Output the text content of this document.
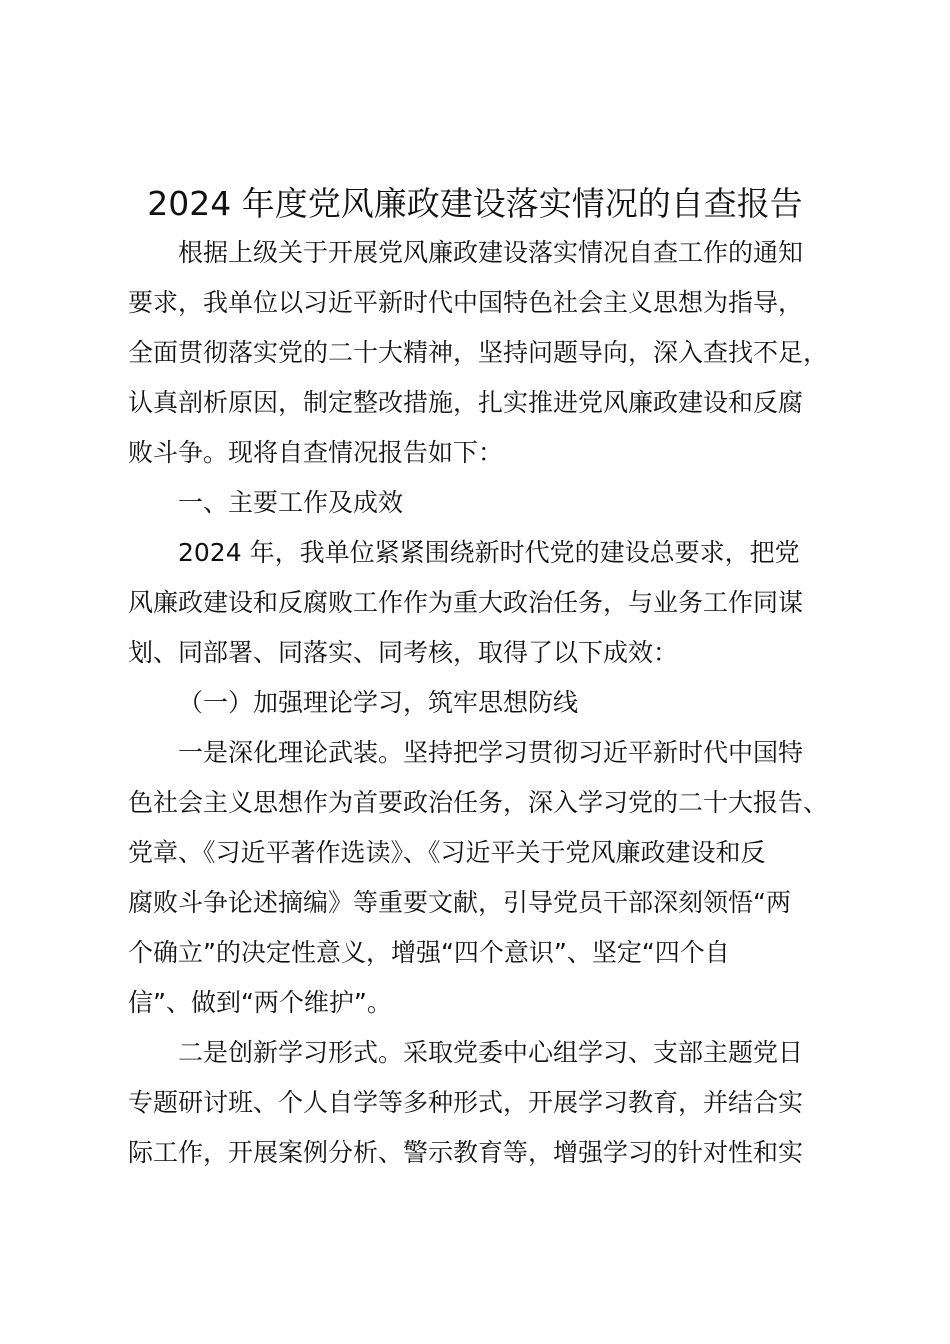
2024 年度党风廉政建设落实情况的自查报告
根据上级关于开展党风廉政建设落实情况自查工作的通知
要求，我单位以习近平新时代中国特色社会主义思想为指导，
全面贯彻落实党的二十大精神，坚持问题导向，深入查找不足，
认真剖析原因，制定整改措施，扎实推进党风廉政建设和反腐
败斗争。现将自查情况报告如下：
一、主要工作及成效
2024 年，我单位紧紧围绕新时代党的建设总要求，把党
风廉政建设和反腐败工作作为重大政治任务，与业务工作同谋
划、同部署、同落实、同考核，取得了以下成效：
（一）加强理论学习，筑牢思想防线
一是深化理论武装。坚持把学习贯彻习近平新时代中国特
色社会主义思想作为首要政治任务，深入学习党的二十大报告、
党章、《习近平著作选读》、《习近平关于党风廉政建设和反
腐败斗争论述摘编》等重要文献，引导党员干部深刻领悟“两
个确立”的决定性意义，增强“四个意识”、坚定“四个自
信”、做到“两个维护”。
二是创新学习形式。采取党委中心组学习、支部主题党日
专题研讨班、个人自学等多种形式，开展学习教育，并结合实
际工作，开展案例分析、警示教育等，增强学习的针对性和实
